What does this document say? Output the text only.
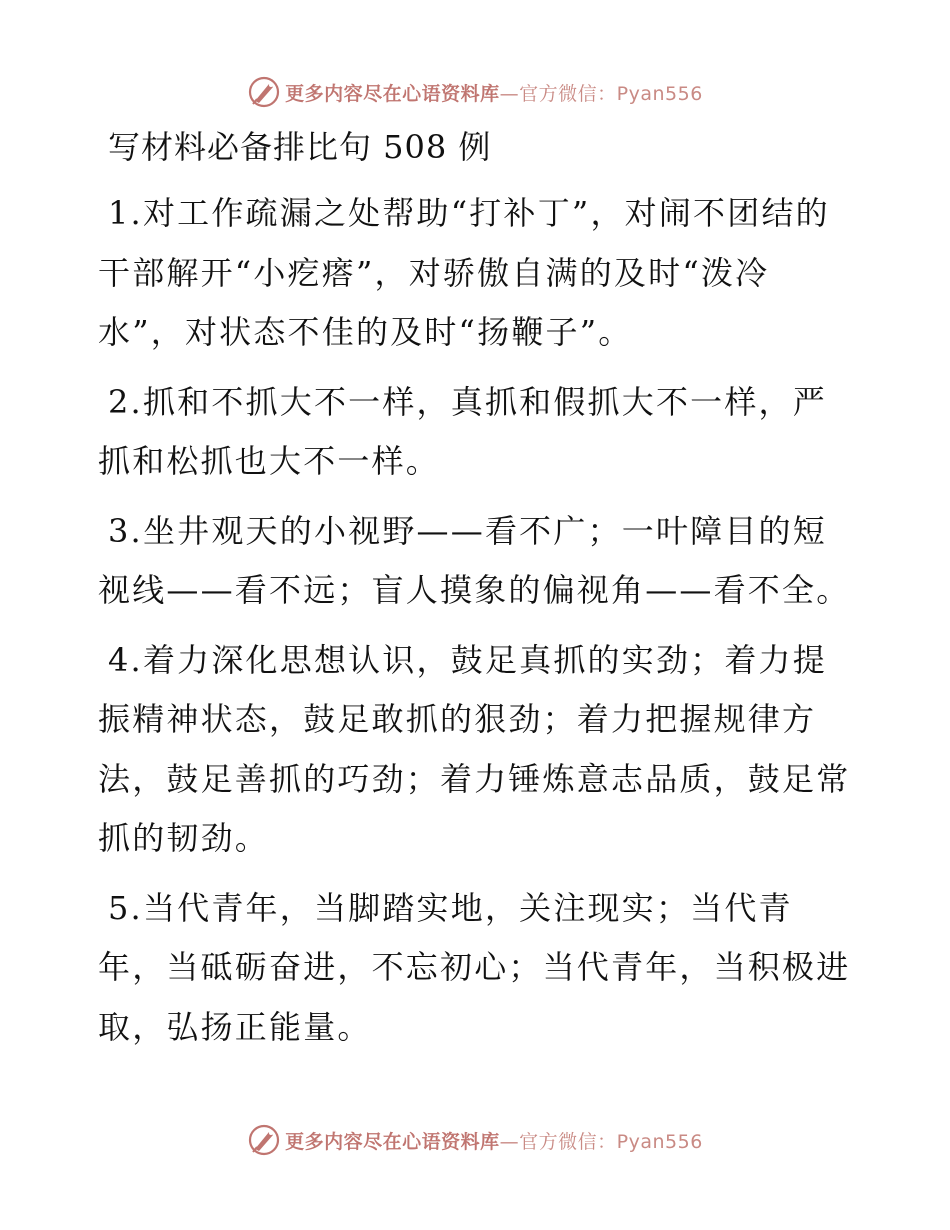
更多内容尽在心语资料库—官方微信：Pyan556
写材料必备排比句 508 例

1.对工作疏漏之处帮助“打补丁”，对闹不团结的干部解开“小疙瘩”，对骄傲自满的及时“泼冷水”，对状态不佳的及时“扬鞭子”。

2.抓和不抓大不一样，真抓和假抓大不一样，严抓和松抓也大不一样。

3.坐井观天的小视野——看不广；一叶障目的短视线——看不远；盲人摸象的偏视角——看不全。

4.着力深化思想认识，鼓足真抓的实劲；着力提振精神状态，鼓足敢抓的狠劲；着力把握规律方法，鼓足善抓的巧劲；着力锤炼意志品质，鼓足常抓的韧劲。

5.当代青年，当脚踏实地，关注现实；当代青年，当砥砺奋进，不忘初心；当代青年，当积极进取，弘扬正能量。

更多内容尽在心语资料库—官方微信：Pyan556
